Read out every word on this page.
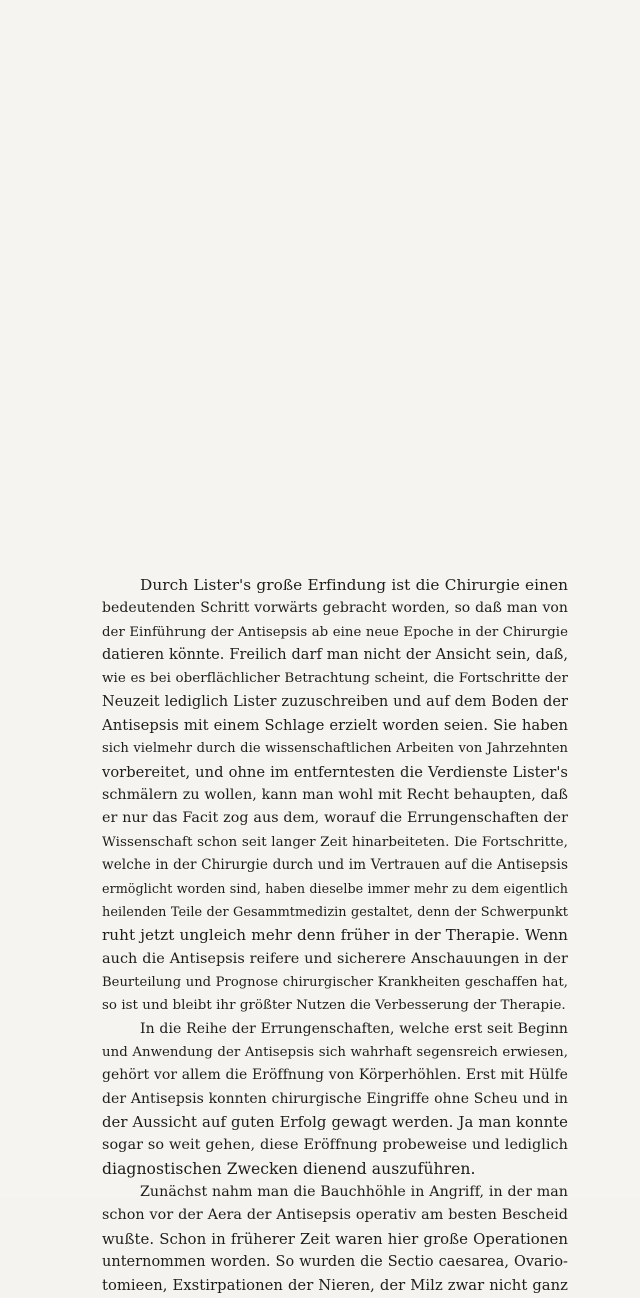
Durch Lister's große Erfindung ist die Chirurgie einen
bedeutenden Schritt vorwärts gebracht worden, so daß man von
der Einführung der Antisepsis ab eine neue Epoche in der Chirurgie
datieren könnte. Freilich darf man nicht der Ansicht sein, daß,
wie es bei oberflächlicher Betrachtung scheint, die Fortschritte der
Neuzeit lediglich Lister zuzuschreiben und auf dem Boden der
Antisepsis mit einem Schlage erzielt worden seien. Sie haben
sich vielmehr durch die wissenschaftlichen Arbeiten von Jahrzehnten
vorbereitet, und ohne im entferntesten die Verdienste Lister's
schmälern zu wollen, kann man wohl mit Recht behaupten, daß
er nur das Facit zog aus dem, worauf die Errungenschaften der
Wissenschaft schon seit langer Zeit hinarbeiteten. Die Fortschritte,
welche in der Chirurgie durch und im Vertrauen auf die Antisepsis
ermöglicht worden sind, haben dieselbe immer mehr zu dem eigentlich
heilenden Teile der Gesammtmedizin gestaltet, denn der Schwerpunkt
ruht jetzt ungleich mehr denn früher in der Therapie. Wenn
auch die Antisepsis reifere und sicherere Anschauungen in der
Beurteilung und Prognose chirurgischer Krankheiten geschaffen hat,
so ist und bleibt ihr größter Nutzen die Verbesserung der Therapie.
In die Reihe der Errungenschaften, welche erst seit Beginn
und Anwendung der Antisepsis sich wahrhaft segensreich erwiesen,
gehört vor allem die Eröffnung von Körperhöhlen. Erst mit Hülfe
der Antisepsis konnten chirurgische Eingriffe ohne Scheu und in
der Aussicht auf guten Erfolg gewagt werden. Ja man konnte
sogar so weit gehen, diese Eröffnung probeweise und lediglich
diagnostischen Zwecken dienend auszuführen.
Zunächst nahm man die Bauchhöhle in Angriff, in der man
schon vor der Aera der Antisepsis operativ am besten Bescheid
wußte. Schon in früherer Zeit waren hier große Operationen
unternommen worden. So wurden die Sectio caesarea, Ovario-
tomieen, Exstirpationen der Nieren, der Milz zwar nicht ganz
